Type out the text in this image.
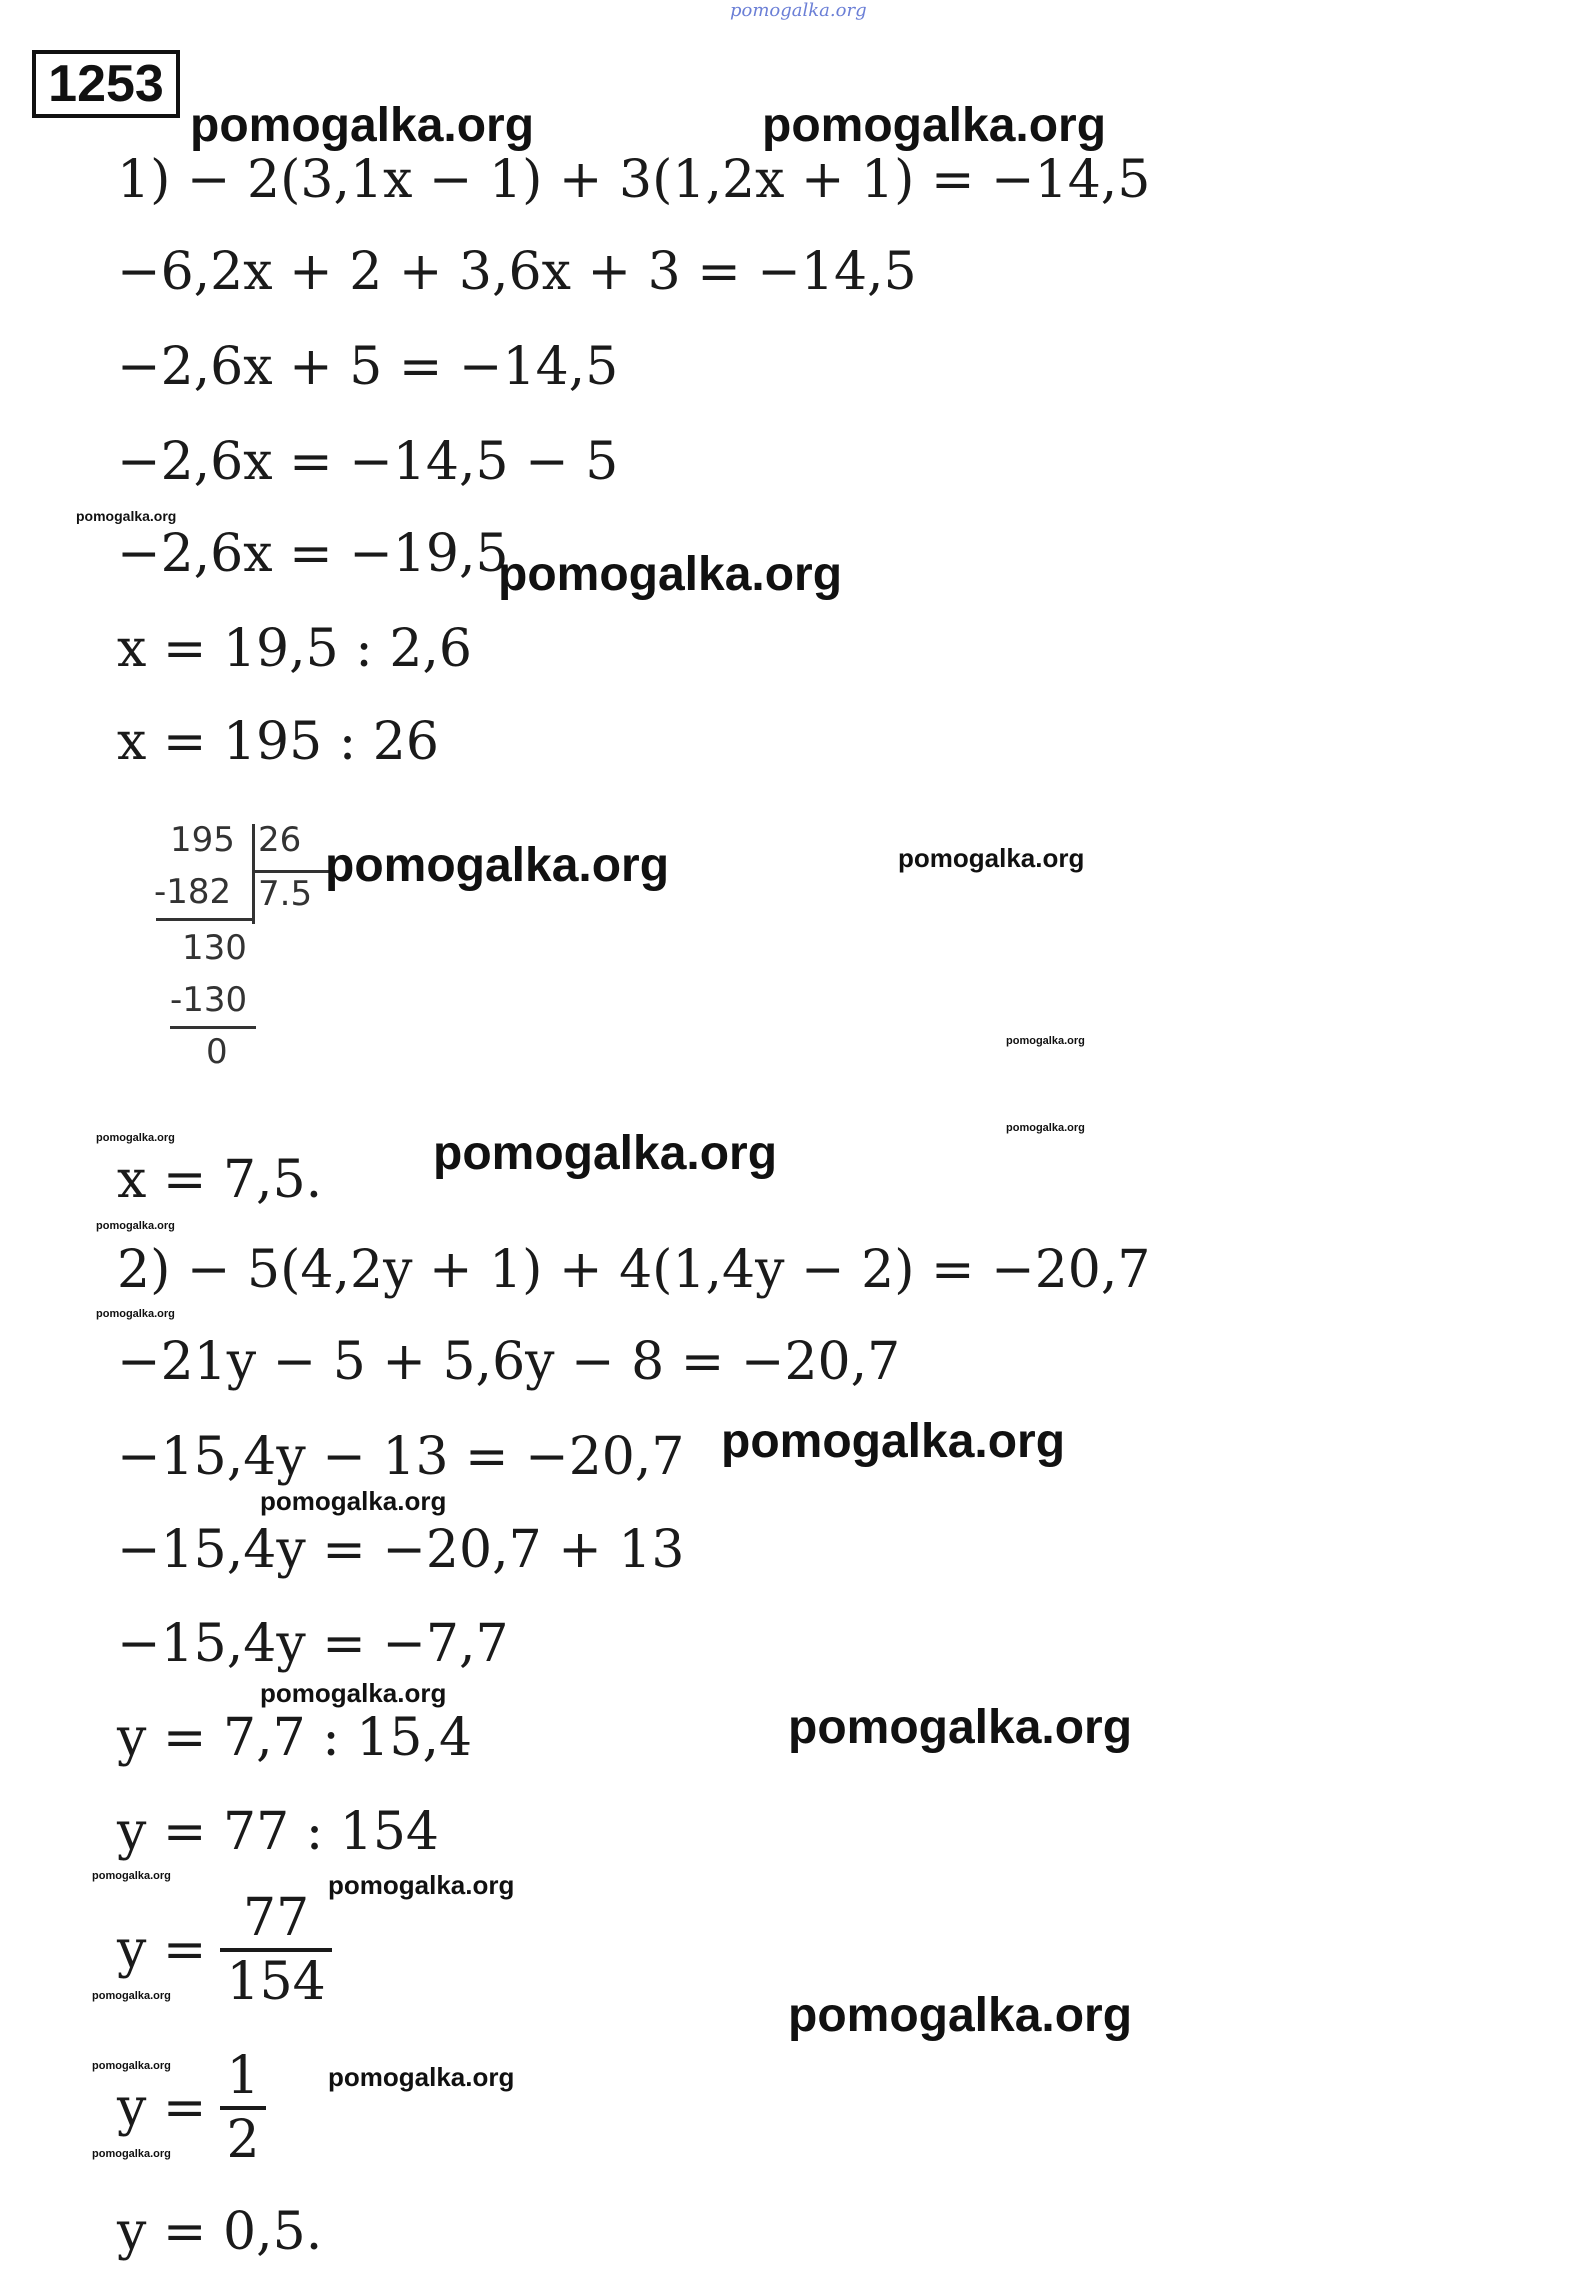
pomogalka.org
1253
1) − 2(3,1x − 1) + 3(1,2x + 1) = −14,5
−6,2x + 2 + 3,6x + 3 = −14,5
−2,6x + 5 = −14,5
−2,6x = −14,5 − 5
−2,6x = −19,5
x = 19,5 : 2,6
x = 195 : 26
195 26
-182 7.5
130
-130
0
x = 7,5.
2) − 5(4,2y + 1) + 4(1,4y − 2) = −20,7
−21y − 5 + 5,6y − 8 = −20,7
−15,4y − 13 = −20,7
−15,4y = −20,7 + 13
−15,4y = −7,7
y = 7,7 : 15,4
y = 77 : 154
$y = \frac{77}{154}$
$y = \frac{1}{2}$
y = 0,5.
pomogalka.org	pomogalka.org
pomogalka.org
pomogalka.org
pomogalka.org	pomogalka.org
pomogalka.org
pomogalka.org
pomogalka.org	pomogalka.org
pomogalka.org
pomogalka.org
pomogalka.org
pomogalka.org
pomogalka.org
pomogalka.org
pomogalka.org	pomogalka.org
pomogalka.org	pomogalka.org
pomogalka.org	pomogalka.org
pomogalka.org
